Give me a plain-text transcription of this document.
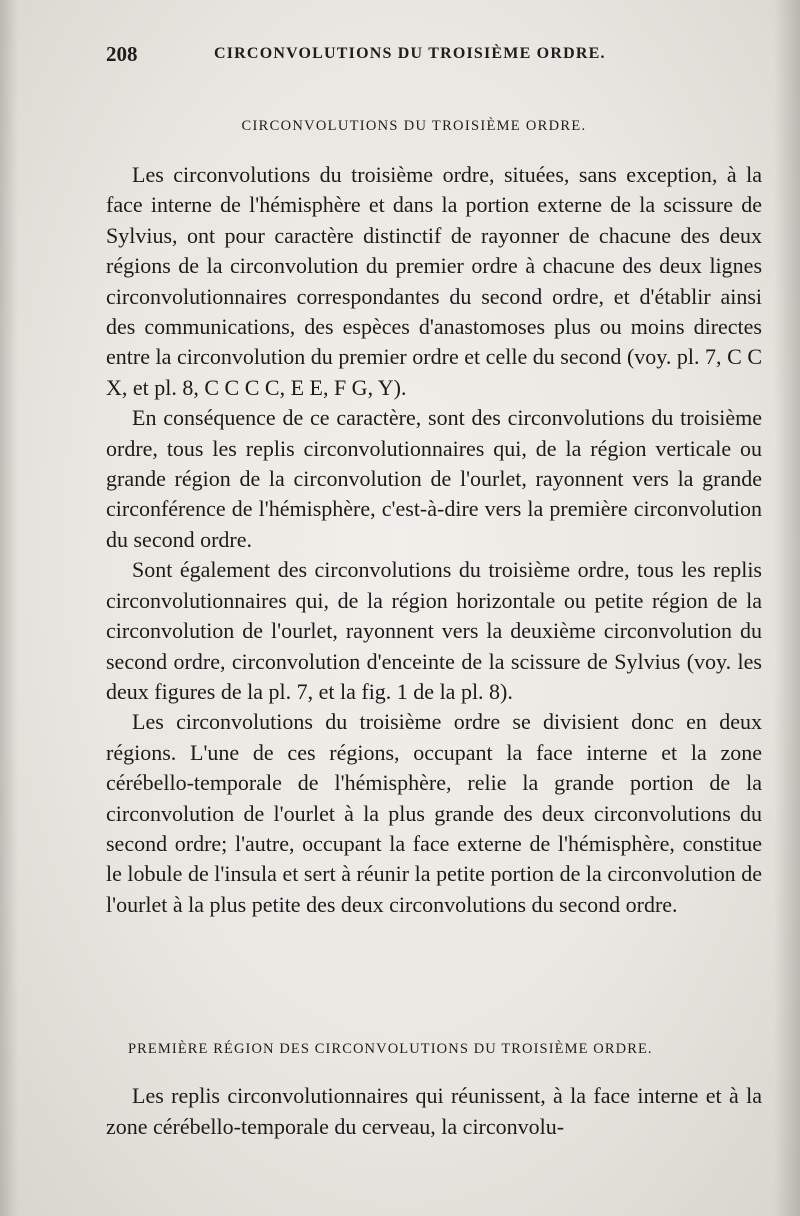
208	CIRCONVOLUTIONS DU TROISIÈME ORDRE.
CIRCONVOLUTIONS DU TROISIÈME ORDRE.

Les circonvolutions du troisième ordre, situées, sans exception, à la face interne de l'hémisphère et dans la portion externe de la scissure de Sylvius, ont pour caractère distinctif de rayonner de chacune des deux régions de la circonvolution du premier ordre à chacune des deux lignes circonvolutionnaires correspondantes du second ordre, et d'établir ainsi des communications, des espèces d'anastomoses plus ou moins directes entre la circonvolution du premier ordre et celle du second (voy. pl. 7, C C X, et pl. 8, C C C C, E E, F G, Y).

En conséquence de ce caractère, sont des circonvolutions du troisième ordre, tous les replis circonvolutionnaires qui, de la région verticale ou grande région de la circonvolution de l'ourlet, rayonnent vers la grande circonférence de l'hémisphère, c'est-à-dire vers la première circonvolution du second ordre.

Sont également des circonvolutions du troisième ordre, tous les replis circonvolutionnaires qui, de la région horizontale ou petite région de la circonvolution de l'ourlet, rayonnent vers la deuxième circonvolution du second ordre, circonvolution d'enceinte de la scissure de Sylvius (voy. les deux figures de la pl. 7, et la fig. 1 de la pl. 8).

Les circonvolutions du troisième ordre se divisient donc en deux régions. L'une de ces régions, occupant la face interne et la zone cérébello-temporale de l'hémisphère, relie la grande portion de la circonvolution de l'ourlet à la plus grande des deux circonvolutions du second ordre; l'autre, occupant la face externe de l'hémisphère, constitue le lobule de l'insula et sert à réunir la petite portion de la circonvolution de l'ourlet à la plus petite des deux circonvolutions du second ordre.

PREMIÈRE RÉGION DES CIRCONVOLUTIONS DU TROISIÈME ORDRE.

Les replis circonvolutionnaires qui réunissent, à la face interne et à la zone cérébello-temporale du cerveau, la circonvolu-
